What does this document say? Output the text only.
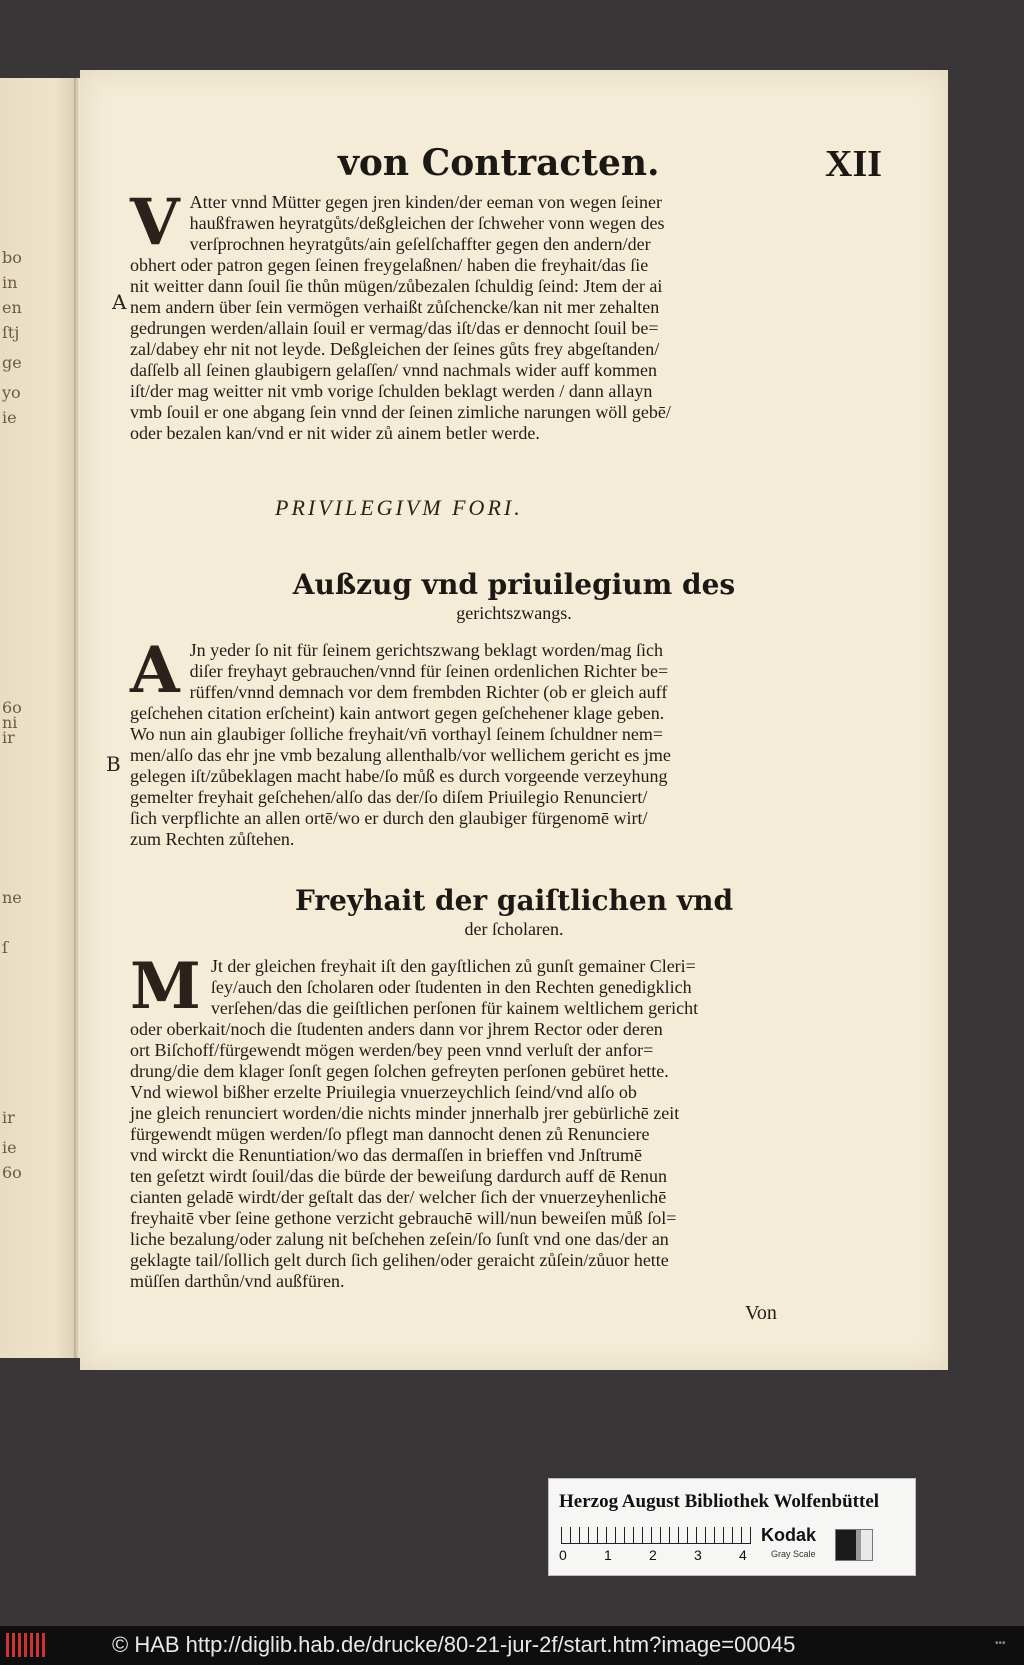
bo
in
en
ſtj
ge
yo
ie
6o
ni
ir
ne
ſ
ir
ie
6o
von Contracten.	XII
V Atter vnnd Mütter gegen jren kinden/der eeman von wegen ſeiner

haußfrawen heyratgůts/deßgleichen der ſchweher vonn wegen des

verſprochnen heyratgůts/ain geſelſchaffter gegen den andern/der

obhert oder patron gegen ſeinen freygelaßnen/ haben die freyhait/das ſie

nit weitter dann ſouil ſie thůn mügen/zůbezalen ſchuldig ſeind: Jtem der ai

nem andern über ſein vermögen verhaißt zůſchencke/kan nit mer zehalten

gedrungen werden/allain ſouil er vermag/das iſt/das er dennocht ſouil be=

zal/dabey ehr nit not leyde. Deßgleichen der ſeines gůts frey abgeſtanden/

daſſelb all ſeinen glaubigern gelaſſen/ vnnd nachmals wider auff kommen

iſt/der mag weitter nit vmb vorige ſchulden beklagt werden / dann allayn

vmb ſouil er one abgang ſein vnnd der ſeinen zimliche narungen wöll gebē/

oder bezalen kan/vnd er nit wider zů ainem betler werde.

A
PRIVILEGIVM FORI.
Außzug vnd priuilegium des
gerichtszwangs.
A Jn yeder ſo nit für ſeinem gerichtszwang beklagt worden/mag ſich

diſer freyhayt gebrauchen/vnnd für ſeinen ordenlichen Richter be=

rüffen/vnnd demnach vor dem frembden Richter (ob er gleich auff

geſchehen citation erſcheint) kain antwort gegen geſchehener klage geben.

Wo nun ain glaubiger ſolliche freyhait/vn̄ vorthayl ſeinem ſchuldner nem=

men/alſo das ehr jne vmb bezalung allenthalb/vor wellichem gericht es jme

gelegen iſt/zůbeklagen macht habe/ſo můß es durch vorgeende verzeyhung

gemelter freyhait geſchehen/alſo das der/ſo diſem Priuilegio Renunciert/

ſich verpflichte an allen ortē/wo er durch den glaubiger fürgenomē wirt/

zum Rechten zůſtehen.

B
Freyhait der gaiſtlichen vnd
der ſcholaren.
M Jt der gleichen freyhait iſt den gayſtlichen zů gunſt gemainer Cleri=

ſey/auch den ſcholaren oder ſtudenten in den Rechten genedigklich

verſehen/das die geiſtlichen perſonen für kainem weltlichem gericht

oder oberkait/noch die ſtudenten anders dann vor jhrem Rector oder deren

ort Biſchoff/fürgewendt mögen werden/bey peen vnnd verluſt der anfor=

drung/die dem klager ſonſt gegen ſolchen gefreyten perſonen gebüret hette.

Vnd wiewol bißher erzelte Priuilegia vnuerzeychlich ſeind/vnd alſo ob

jne gleich renunciert worden/die nichts minder jnnerhalb jrer gebürlichē zeit

fürgewendt mügen werden/ſo pflegt man dannocht denen zů Renunciere

vnd wirckt die Renuntiation/wo das dermaſſen in brieffen vnd Jnſtrumē

ten geſetzt wirdt ſouil/das die bürde der beweiſung dardurch auff dē Renun

cianten geladē wirdt/der geſtalt das der/ welcher ſich der vnuerzeyhenlichē

freyhaitē vber ſeine gethone verzicht gebrauchē will/nun beweiſen můß ſol=

liche bezalung/oder zalung nit beſchehen zeſein/ſo ſunſt vnd one das/der an

geklagte tail/ſollich gelt durch ſich gelihen/oder geraicht zůſein/zůuor hette

müſſen darthůn/vnd außfüren.

Von
Herzog August Bibliothek Wolfenbüttel
0	1	2	3	4
Kodak
Gray Scale
© HAB http://diglib.hab.de/drucke/80-21-jur-2f/start.htm?image=00045	•••
